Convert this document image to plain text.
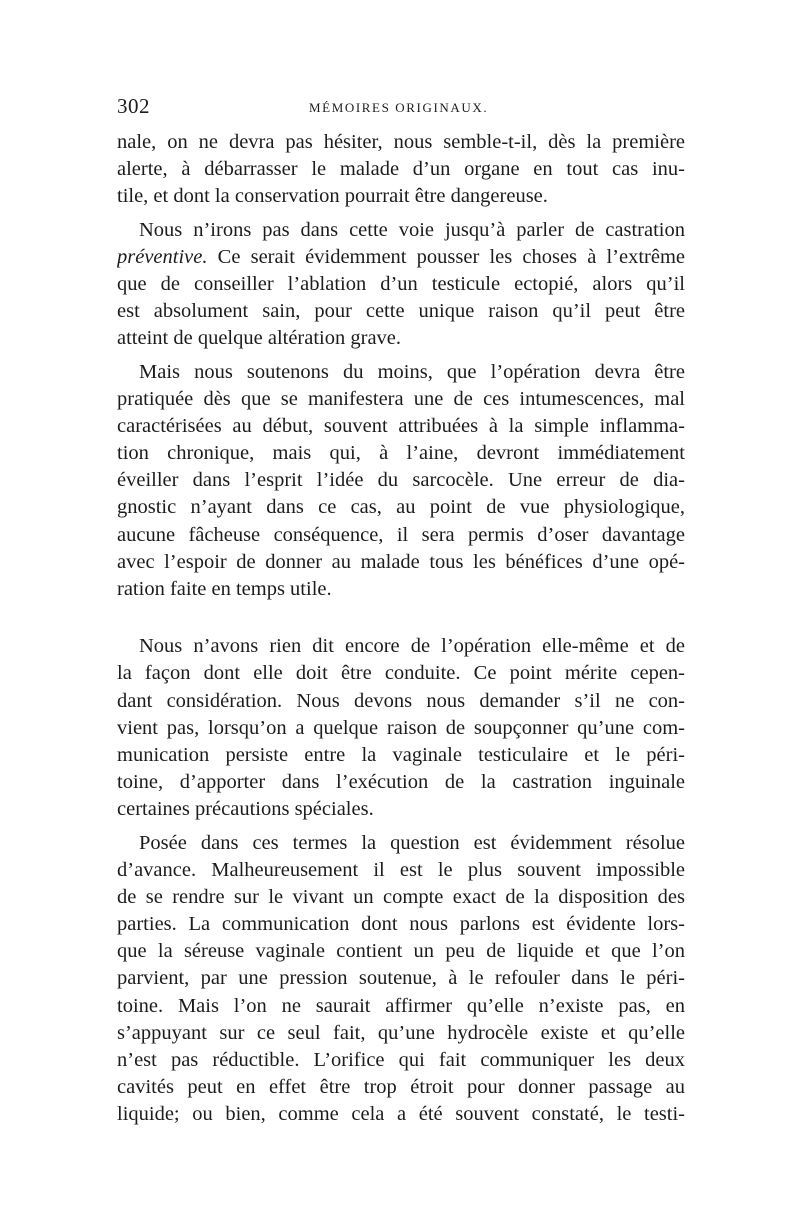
302	MÉMOIRES ORIGINAUX.
nale, on ne devra pas hésiter, nous semble-t-il, dès la première
alerte, à débarrasser le malade d’un organe en tout cas inu-
tile, et dont la conservation pourrait être dangereuse.
Nous n’irons pas dans cette voie jusqu’à parler de castration
préventive. Ce serait évidemment pousser les choses à l’extrême
que de conseiller l’ablation d’un testicule ectopié, alors qu’il
est absolument sain, pour cette unique raison qu’il peut être
atteint de quelque altération grave.
Mais nous soutenons du moins, que l’opération devra être
pratiquée dès que se manifestera une de ces intumescences, mal
caractérisées au début, souvent attribuées à la simple inflamma-
tion chronique, mais qui, à l’aine, devront immédiatement
éveiller dans l’esprit l’idée du sarcocèle. Une erreur de dia-
gnostic n’ayant dans ce cas, au point de vue physiologique,
aucune fâcheuse conséquence, il sera permis d’oser davantage
avec l’espoir de donner au malade tous les bénéfices d’une opé-
ration faite en temps utile.
Nous n’avons rien dit encore de l’opération elle-même et de
la façon dont elle doit être conduite. Ce point mérite cepen-
dant considération. Nous devons nous demander s’il ne con-
vient pas, lorsqu’on a quelque raison de soupçonner qu’une com-
munication persiste entre la vaginale testiculaire et le péri-
toine, d’apporter dans l’exécution de la castration inguinale
certaines précautions spéciales.
Posée dans ces termes la question est évidemment résolue
d’avance. Malheureusement il est le plus souvent impossible
de se rendre sur le vivant un compte exact de la disposition des
parties. La communication dont nous parlons est évidente lors-
que la séreuse vaginale contient un peu de liquide et que l’on
parvient, par une pression soutenue, à le refouler dans le péri-
toine. Mais l’on ne saurait affirmer qu’elle n’existe pas, en
s’appuyant sur ce seul fait, qu’une hydrocèle existe et qu’elle
n’est pas réductible. L’orifice qui fait communiquer les deux
cavités peut en effet être trop étroit pour donner passage au
liquide; ou bien, comme cela a été souvent constaté, le testi-
